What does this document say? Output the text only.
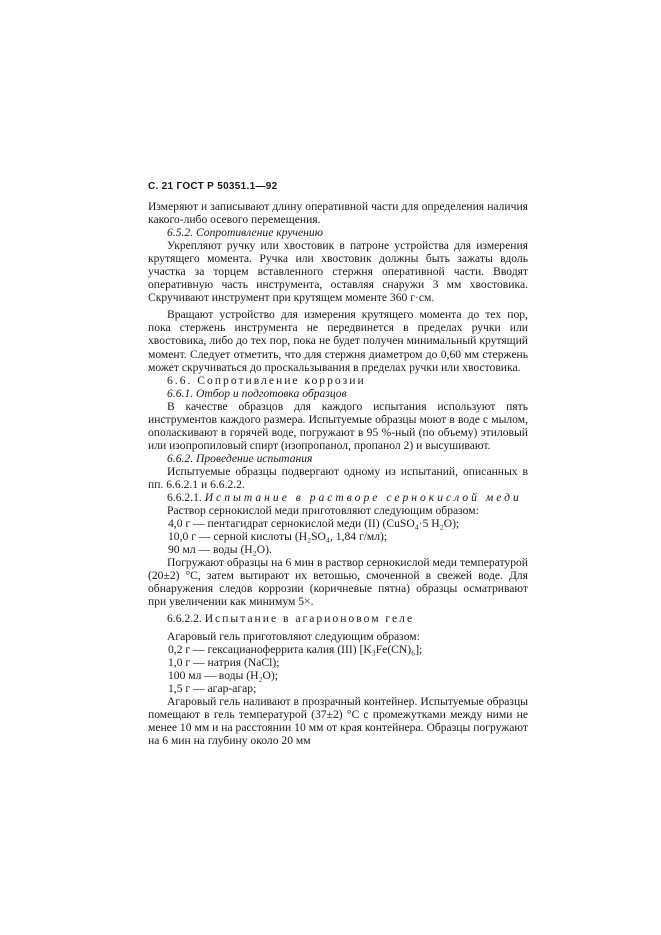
С. 21 ГОСТ Р 50351.1—92

Измеряют и записывают длину оперативной части для определения наличия какого-либо осевого перемещения.

6.5.2. Сопротивление кручению

Укрепляют ручку или хвостовик в патроне устройства для измерения крутящего момента. Ручка или хвостовик должны быть зажаты вдоль участка за торцем вставленного стержня оперативной части. Вводят оперативную часть инструмента, оставляя снаружи 3 мм хвостовика. Скручивают инструмент при крутящем моменте 360 г·см.

Вращают устройство для измерения крутящего момента до тех пор, пока стержень инструмента не передвинется в пределах ручки или хвостовика, либо до тех пор, пока не будет получен минимальный крутящий момент. Следует отметить, что для стержня диаметром до 0,60 мм стержень может скручиваться до проскальзывания в пределах ручки или хвостовика.

6.6. Сопротивление коррозии

6.6.1. Отбор и подготовка образцов

В качестве образцов для каждого испытания используют пять инструментов каждого размера. Испытуемые образцы моют в воде с мылом, ополаскивают в горячей воде, погружают в 95 %-ный (по объему) этиловый или изопропиловый спирт (изопропанол, пропанол 2) и высушивают.

6.6.2. Проведение испытания

Испытуемые образцы подвергают одному из испытаний, описанных в пп. 6.6.2.1 и 6.6.2.2.

6.6.2.1. Испытание в растворе сернокислой меди

Раствор сернокислой меди приготовляют следующим образом:

4,0 г — пентагидрат сернокислой меди (II) (CuSO₄·5 H₂O);

10,0 г — серной кислоты (H₂SO₄, 1,84 г/мл);

90 мл — воды (H₂O).

Погружают образцы на 6 мин в раствор сернокислой меди температурой (20±2) °С, затем вытирают их ветошью, смоченной в свежей воде. Для обнаружения следов коррозии (коричневые пятна) образцы осматривают при увеличении как минимум 5×.

6.6.2.2. Испытание в агарионовом геле

Агаровый гель приготовляют следующим образом:

0,2 г — гексацианоферрита калия (III) [K₃Fe(CN)₆];

1,0 г — натрия (NaCl);

100 мл — воды (H₂O);

1,5 г — агар-агар;

Агаровый гель наливают в прозрачный контейнер. Испытуемые образцы помещают в гель температурой (37±2) °С с промежутками между ними не менее 10 мм и на расстоянии 10 мм от края контейнера. Образцы погружают на 6 мин на глубину около 20 мм
